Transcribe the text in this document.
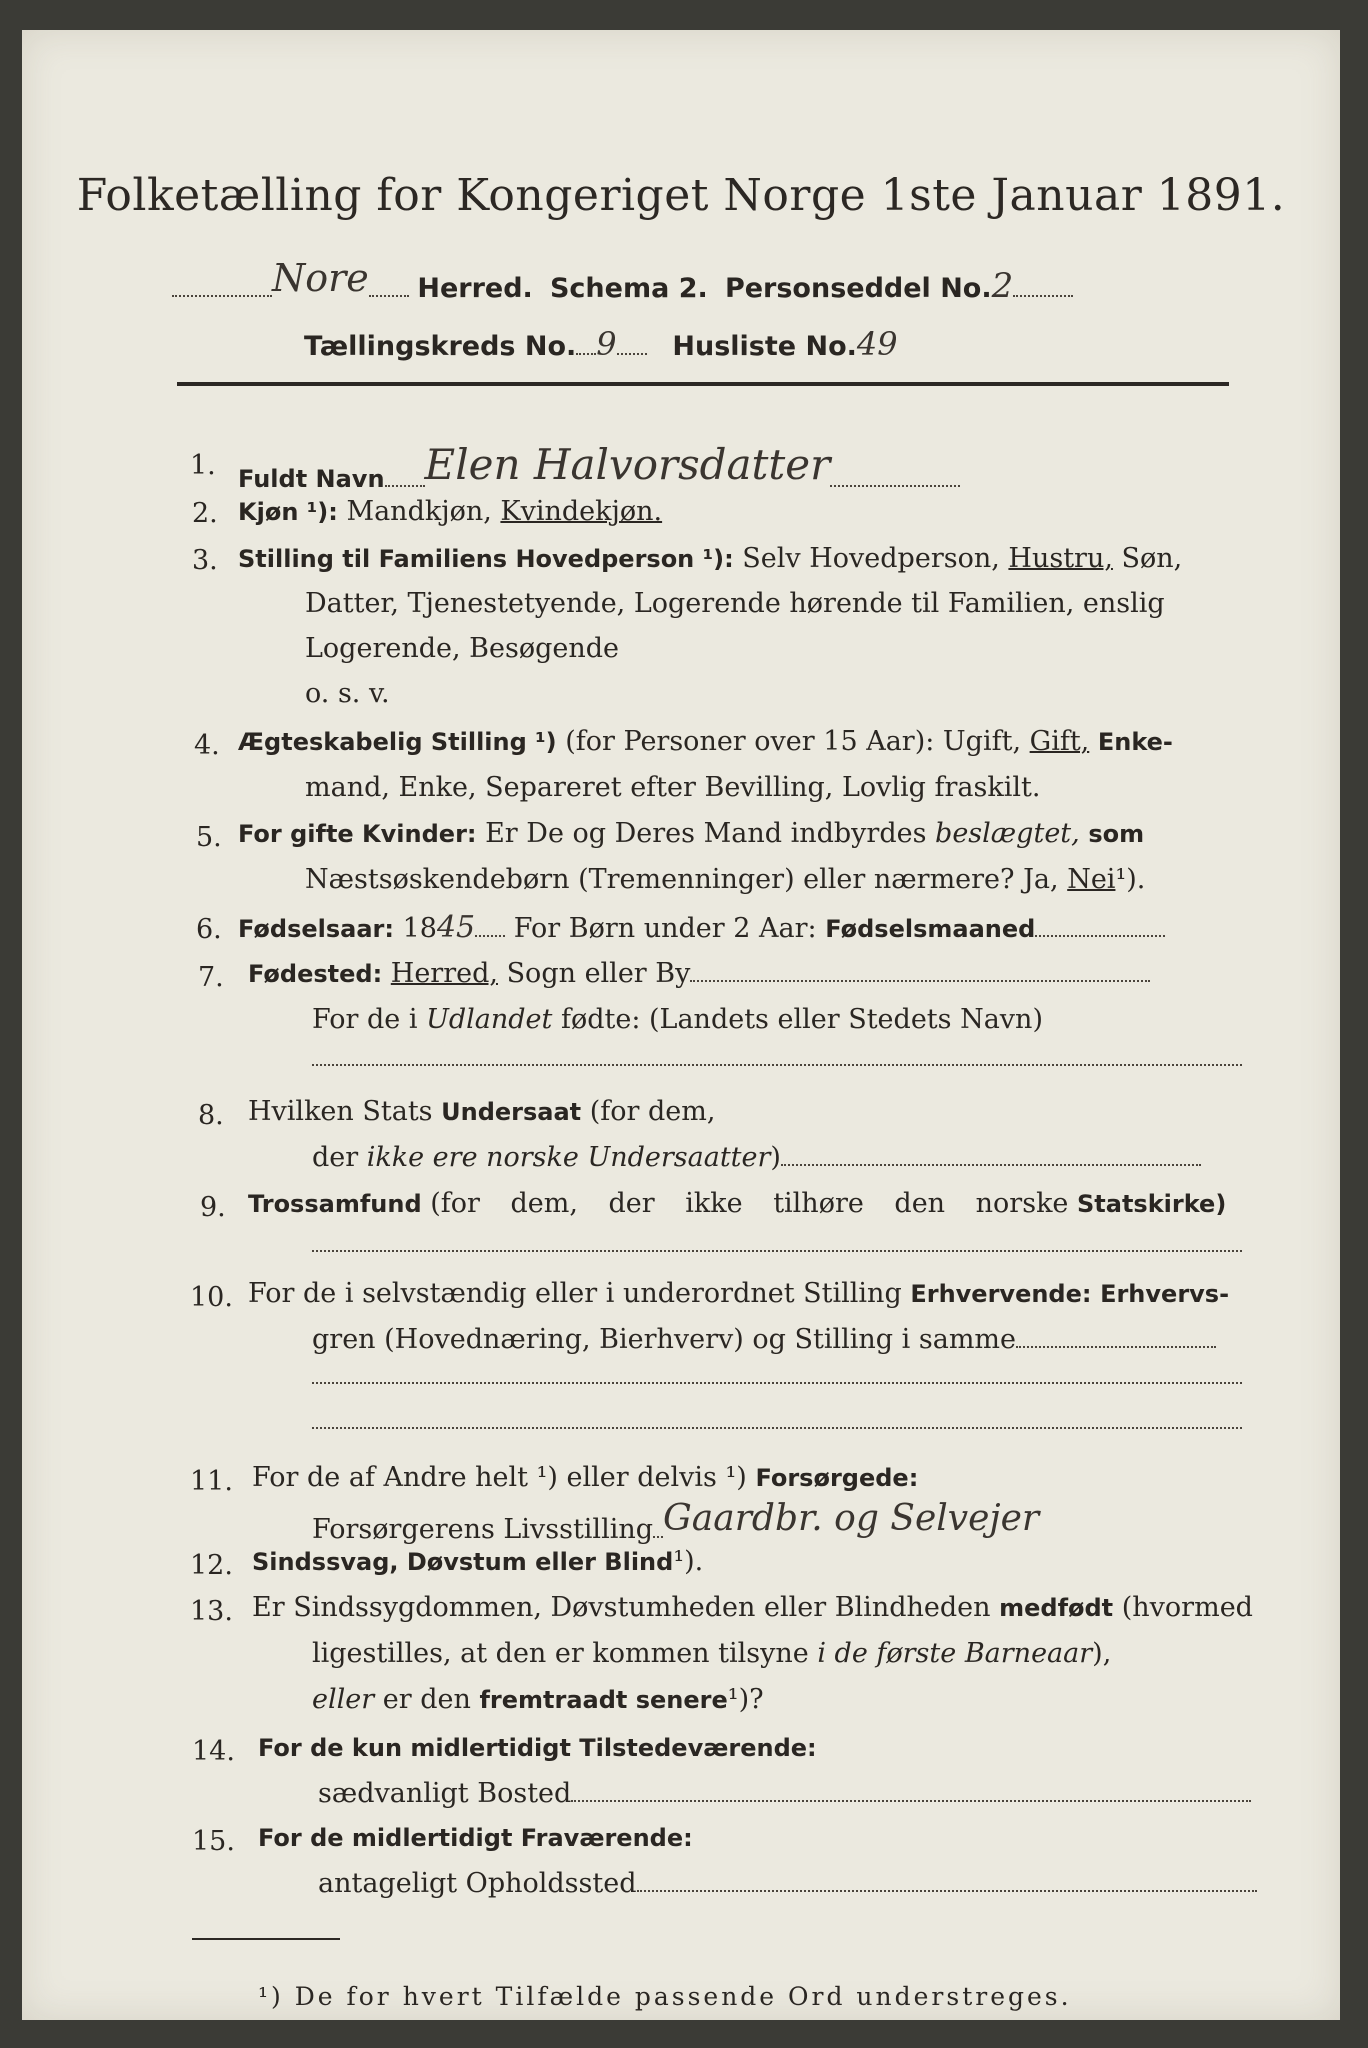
Folketælling for Kongeriget Norge 1ste Januar 1891.
Nore Herred. Schema 2. Personseddel No.2
Tællingskreds No. 9 Husliste No.49
1. Fuldt Navn Elen Halvorsdatter
2. Kjøn ¹): Mandkjøn, Kvindekjøn.
3. Stilling til Familiens Hovedperson ¹): Selv Hovedperson, Hustru, Søn,
Datter, Tjenestetyende, Logerende hørende til Familien, enslig
Logerende, Besøgende
o. s. v.
4. Ægteskabelig Stilling ¹) (for Personer over 15 Aar): Ugift, Gift, Enke-
mand, Enke, Separeret efter Bevilling, Lovlig fraskilt.
5. For gifte Kvinder: Er De og Deres Mand indbyrdes beslægtet, som
Næstsøskendebørn (Tremenninger) eller nærmere? Ja, Nei¹).
6. Fødselsaar: 1845 For Børn under 2 Aar: Fødselsmaaned
7. Fødested: Herred, Sogn eller By
For de i Udlandet fødte: (Landets eller Stedets Navn)
8. Hvilken Stats Undersaat (for dem,
der ikke ere norske Undersaatter)
9. Trossamfund (for dem, der ikke tilhøre den norske Statskirke)
10. For de i selvstændig eller i underordnet Stilling Erhvervende: Erhvervs-
gren (Hovednæring, Bierhverv) og Stilling i samme
11. For de af Andre helt ¹) eller delvis ¹) Forsørgede:
Forsørgerens Livsstilling Gaardbr. og Selvejer
12. Sindssvag, Døvstum eller Blind¹).
13. Er Sindssygdommen, Døvstumheden eller Blindheden medfødt (hvormed
ligestilles, at den er kommen tilsyne i de første Barneaar),
eller er den fremtraadt senere¹)?
14. For de kun midlertidigt Tilstedeværende:
sædvanligt Bosted
15. For de midlertidigt Fraværende:
antageligt Opholdssted
¹) De for hvert Tilfælde passende Ord understreges.
